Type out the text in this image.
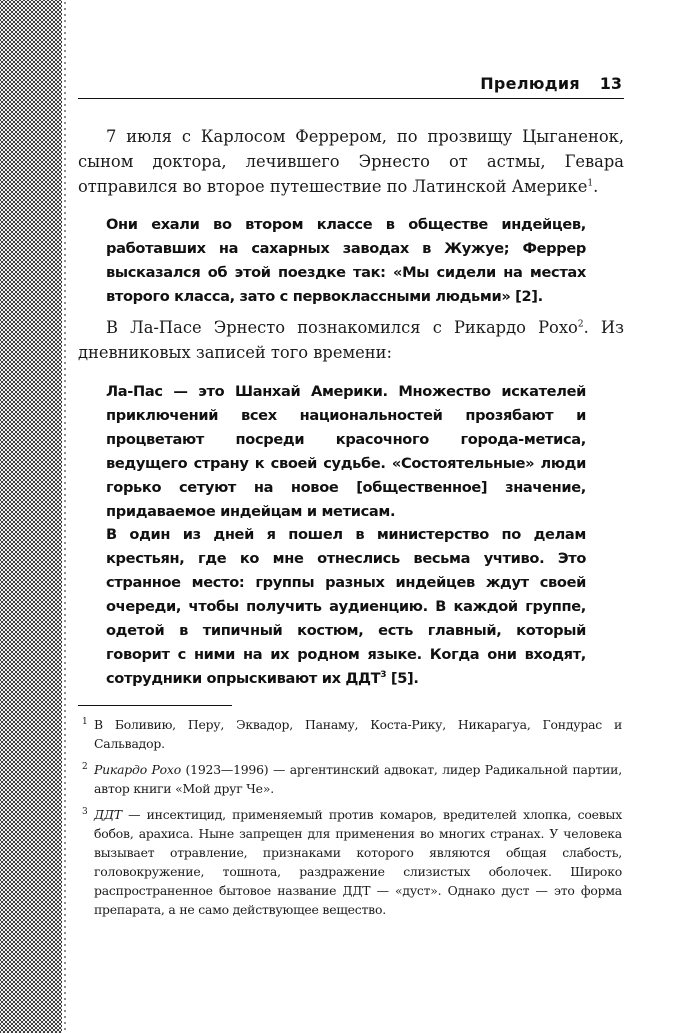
Прелюдия 13

7 июля с Карлосом Феррером, по прозвищу Цыганенок, сыном доктора, лечившего Эрнесто от астмы, Гевара отправился во второе путешествие по Латинской Америке$^1$.

Они ехали во втором классе в обществе индейцев, работавших на сахарных заводах в Жужуе; Феррер высказался об этой поездке так: «Мы сидели на местах второго класса, зато с первоклассными людьми» [2].

В Ла-Пасе Эрнесто познакомился с Рикардо Рохо$^2$. Из дневниковых записей того времени:

Ла-Пас — это Шанхай Америки. Множество искателей приключений всех национальностей прозябают и процветают посреди красочного города-метиса, ведущего страну к своей судьбе. «Состоятельные» люди горько сетуют на новое [общественное] значение, придаваемое индейцам и метисам.

В один из дней я пошел в министерство по делам крестьян, где ко мне отнеслись весьма учтиво. Это странное место: группы разных индейцев ждут своей очереди, чтобы получить аудиенцию. В каждой группе, одетой в типичный костюм, есть главный, который говорит с ними на их родном языке. Когда они входят, сотрудники опрыскивают их ДДТ$^3$ [5].

1 В Боливию, Перу, Эквадор, Панаму, Коста-Рику, Никарагуа, Гондурас и Сальвадор.
2 Рикардо Рохо (1923—1996) — аргентинский адвокат, лидер Радикальной партии, автор книги «Мой друг Че».
3 ДДТ — инсектицид, применяемый против комаров, вредителей хлопка, соевых бобов, арахиса. Ныне запрещен для применения во многих странах. У человека вызывает отравление, признаками которого являются общая слабость, головокружение, тошнота, раздражение слизистых оболочек. Широко распространенное бытовое название ДДТ — «дуст». Однако дуст — это форма препарата, а не само действующее вещество.
